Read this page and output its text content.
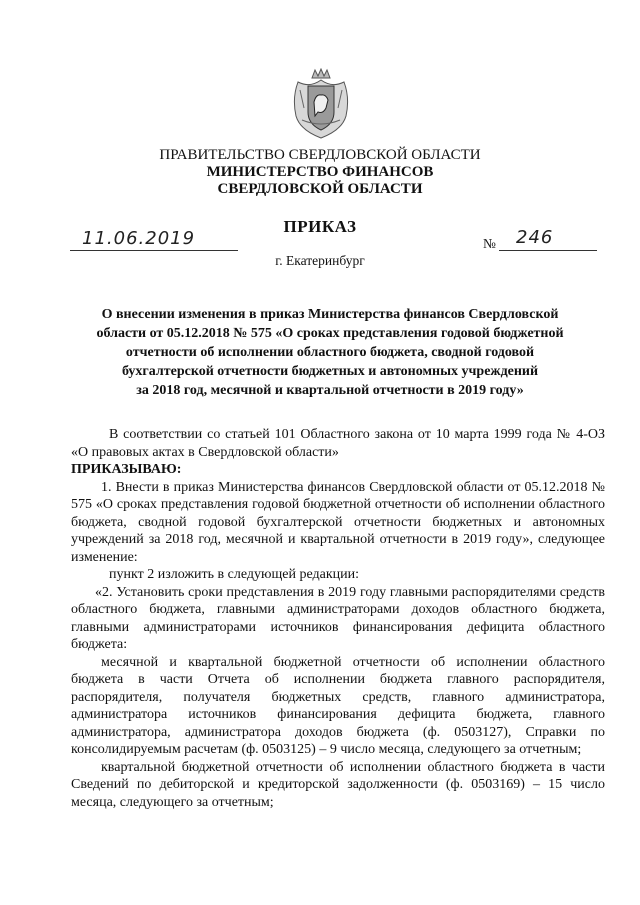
ПРАВИТЕЛЬСТВО СВЕРДЛОВСКОЙ ОБЛАСТИ
МИНИСТЕРСТВО ФИНАНСОВ
СВЕРДЛОВСКОЙ ОБЛАСТИ
ПРИКАЗ
11.06.2019	№ 246
г. Екатеринбург
О внесении изменения в приказ Министерства финансов Свердловской
области от 05.12.2018 № 575 «О сроках представления годовой бюджетной
отчетности об исполнении областного бюджета, сводной годовой
бухгалтерской отчетности бюджетных и автономных учреждений
за 2018 год, месячной и квартальной отчетности в 2019 году»

В соответствии со статьей 101 Областного закона от 10 марта 1999 года № 4-ОЗ «О правовых актах в Свердловской области»

ПРИКАЗЫВАЮ:

1. Внести в приказ Министерства финансов Свердловской области от 05.12.2018 № 575 «О сроках представления годовой бюджетной отчетности об исполнении областного бюджета, сводной годовой бухгалтерской отчетности бюджетных и автономных учреждений за 2018 год, месячной и квартальной отчетности в 2019 году», следующее изменение:

пункт 2 изложить в следующей редакции:

«2. Установить сроки представления в 2019 году главными распорядителями средств областного бюджета, главными администраторами доходов областного бюджета, главными администраторами источников финансирования дефицита областного бюджета:

месячной и квартальной бюджетной отчетности об исполнении областного бюджета в части Отчета об исполнении бюджета главного распорядителя, распорядителя, получателя бюджетных средств, главного администратора, администратора источников финансирования дефицита бюджета, главного администратора, администратора доходов бюджета (ф. 0503127), Справки по консолидируемым расчетам (ф. 0503125) – 9 число месяца, следующего за отчетным;

квартальной бюджетной отчетности об исполнении областного бюджета в части Сведений по дебиторской и кредиторской задолженности (ф. 0503169) – 15 число месяца, следующего за отчетным;
